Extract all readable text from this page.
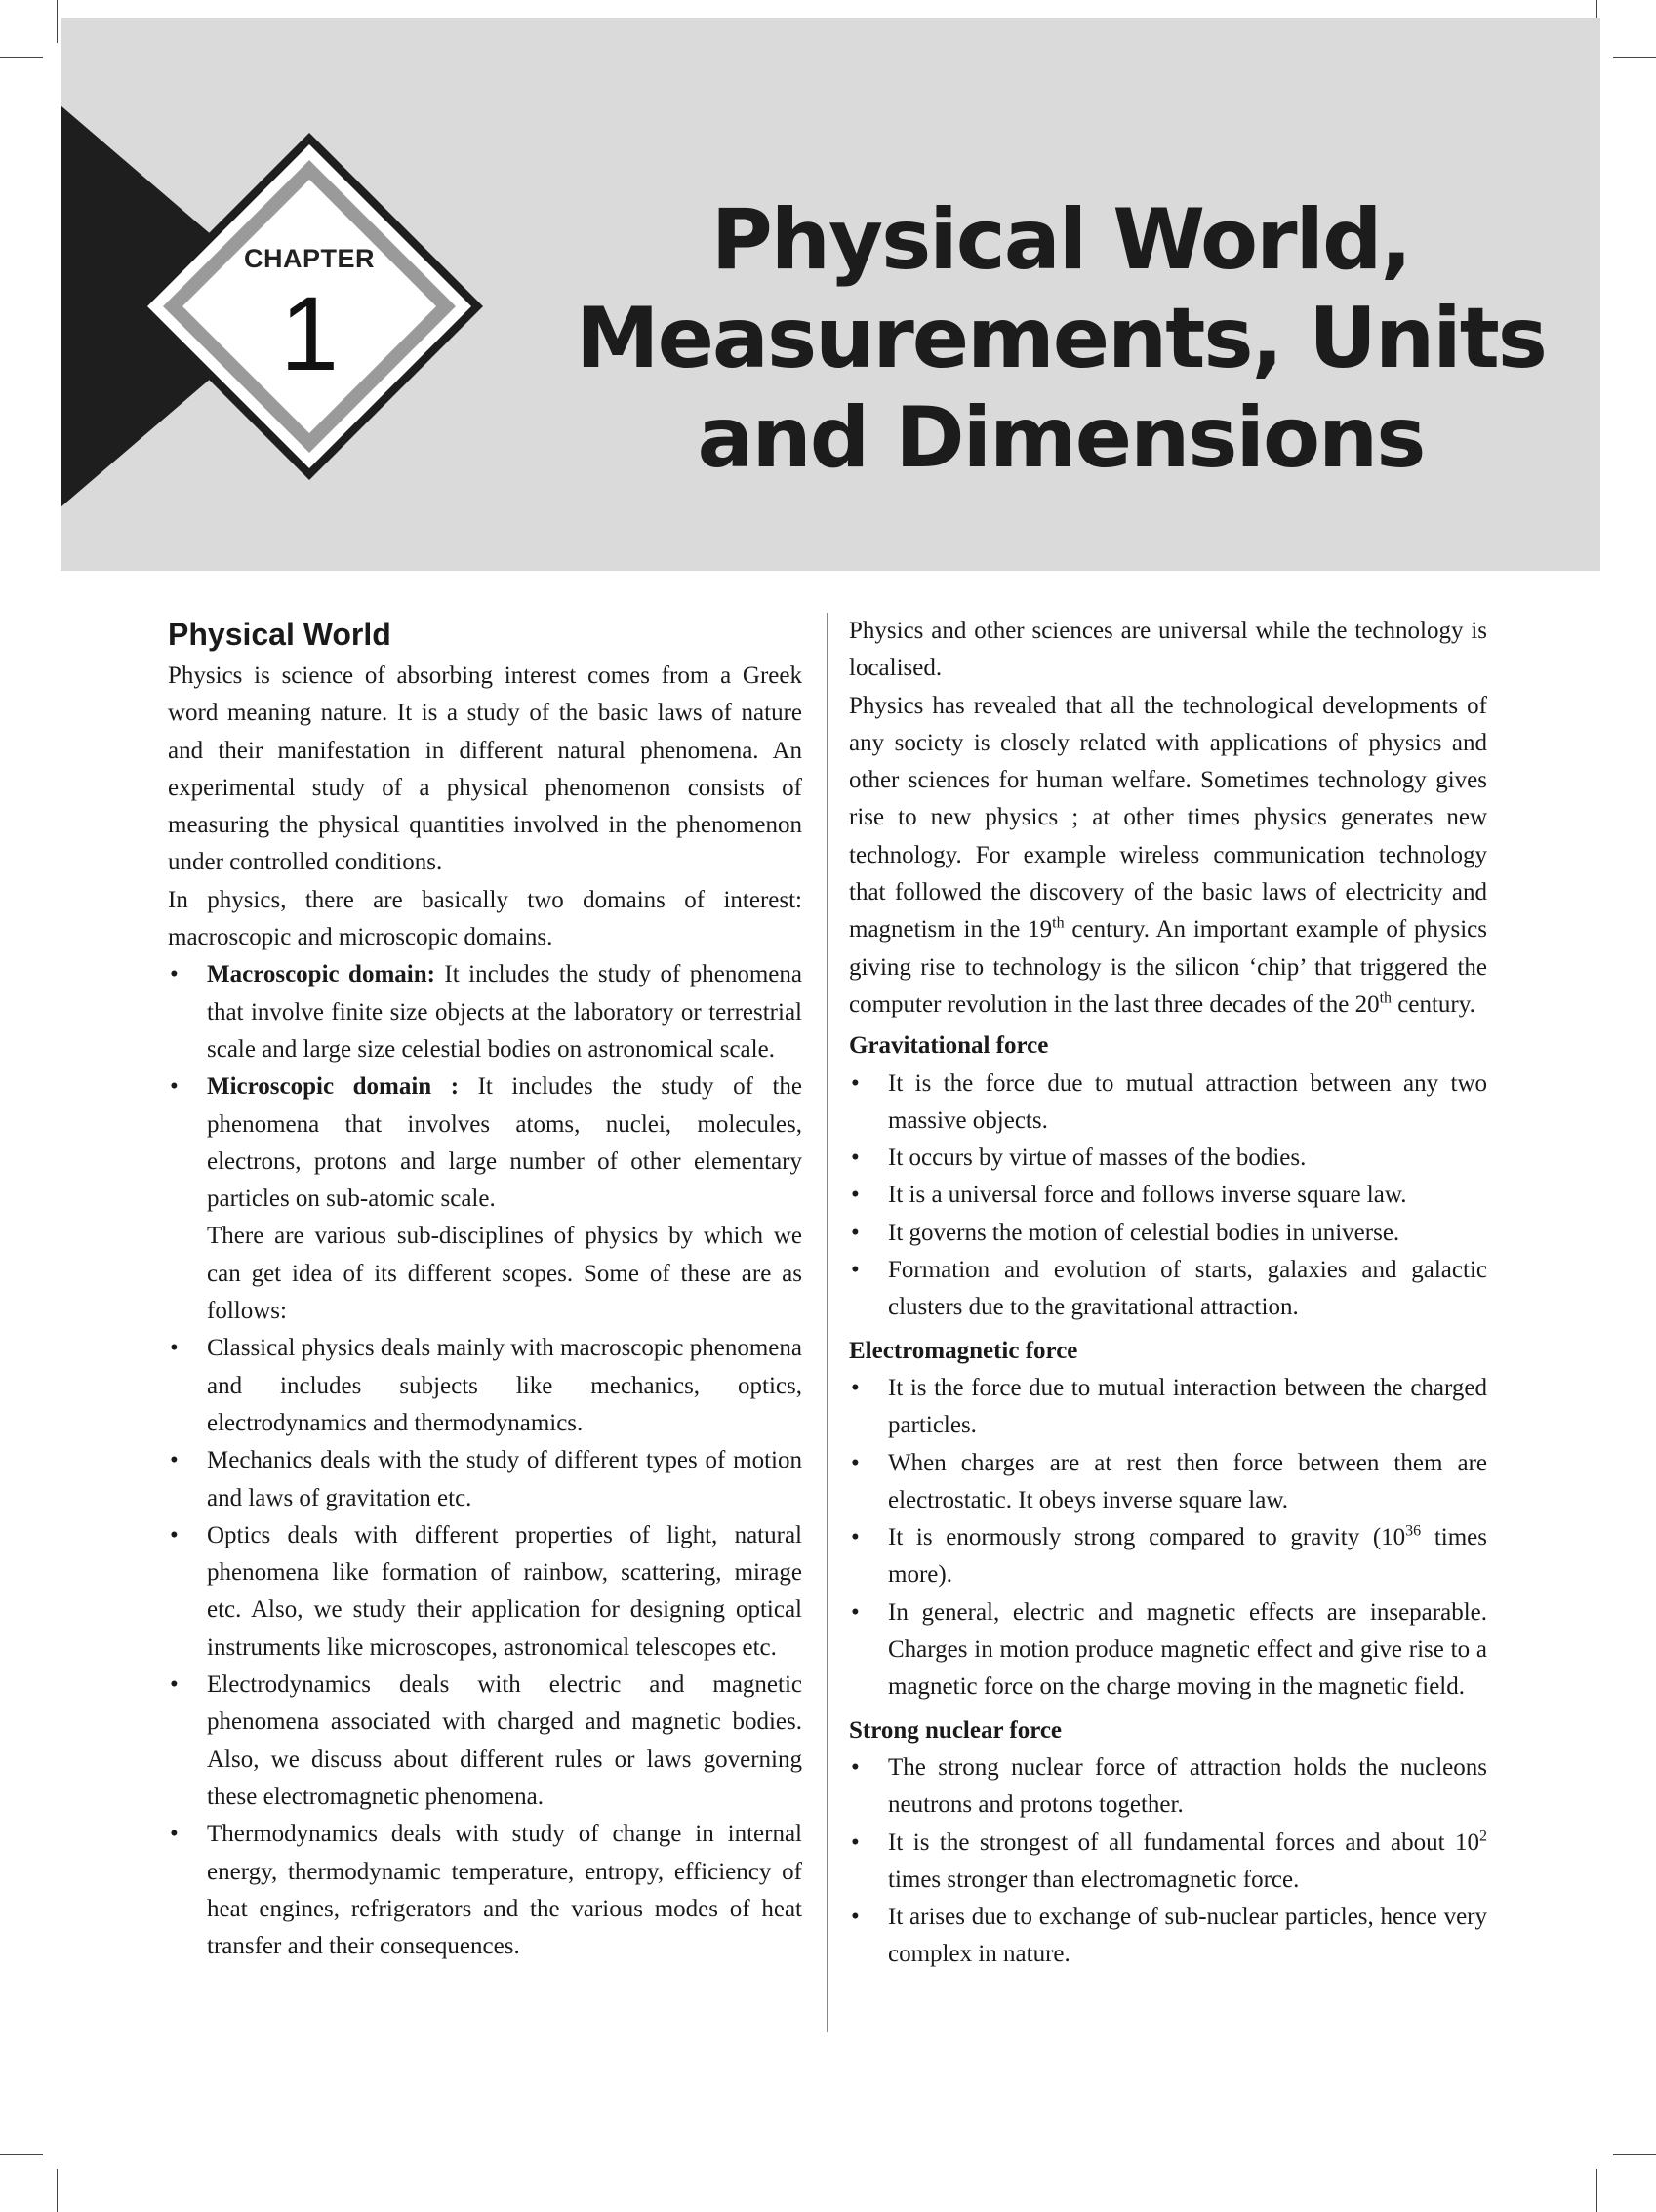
CHAPTER
1
Physical World,
Measurements, Units
and Dimensions
Physical World

Physics is science of absorbing interest comes from a Greek word meaning nature. It is a study of the basic laws of nature and their manifestation in different natural phenomena. An experimental study of a physical phenomenon consists of measuring the physical quantities involved in the phenomenon under controlled conditions.

In physics, there are basically two domains of interest: macroscopic and microscopic domains.

• Macroscopic domain: It includes the study of phenomena that involve finite size objects at the laboratory or terrestrial scale and large size celestial bodies on astronomical scale.
• Microscopic domain : It includes the study of the phenomena that involves atoms, nuclei, molecules, electrons, protons and large number of other elementary particles on sub-atomic scale.

There are various sub-disciplines of physics by which we can get idea of its different scopes. Some of these are as follows:

• Classical physics deals mainly with macroscopic phenomena and includes subjects like mechanics, optics, electrodynamics and thermodynamics.
• Mechanics deals with the study of different types of motion and laws of gravitation etc.
• Optics deals with different properties of light, natural phenomena like formation of rainbow, scattering, mirage etc. Also, we study their application for designing optical instruments like microscopes, astronomical telescopes etc.
• Electrodynamics deals with electric and magnetic phenomena associated with charged and magnetic bodies. Also, we discuss about different rules or laws governing these electromagnetic phenomena.
• Thermodynamics deals with study of change in internal energy, thermodynamic temperature, entropy, efficiency of heat engines, refrigerators and the various modes of heat transfer and their consequences.

Physics and other sciences are universal while the technology is localised.

Physics has revealed that all the technological developments of any society is closely related with applications of physics and other sciences for human welfare. Sometimes technology gives rise to new physics ; at other times physics generates new technology. For example wireless communication technology that followed the discovery of the basic laws of electricity and magnetism in the 19th century. An important example of physics giving rise to technology is the silicon ‘chip’ that triggered the computer revolution in the last three decades of the 20th century.

Gravitational force

• It is the force due to mutual attraction between any two massive objects.
• It occurs by virtue of masses of the bodies.
• It is a universal force and follows inverse square law.
• It governs the motion of celestial bodies in universe.
• Formation and evolution of starts, galaxies and galactic clusters due to the gravitational attraction.

Electromagnetic force

• It is the force due to mutual interaction between the charged particles.
• When charges are at rest then force between them are electrostatic. It obeys inverse square law.
• It is enormously strong compared to gravity ($10^{36}$ times more).
• In general, electric and magnetic effects are inseparable. Charges in motion produce magnetic effect and give rise to a magnetic force on the charge moving in the magnetic field.

Strong nuclear force

• The strong nuclear force of attraction holds the nucleons neutrons and protons together.
• It is the strongest of all fundamental forces and about $10^2$ times stronger than electromagnetic force.
• It arises due to exchange of sub-nuclear particles, hence very complex in nature.
